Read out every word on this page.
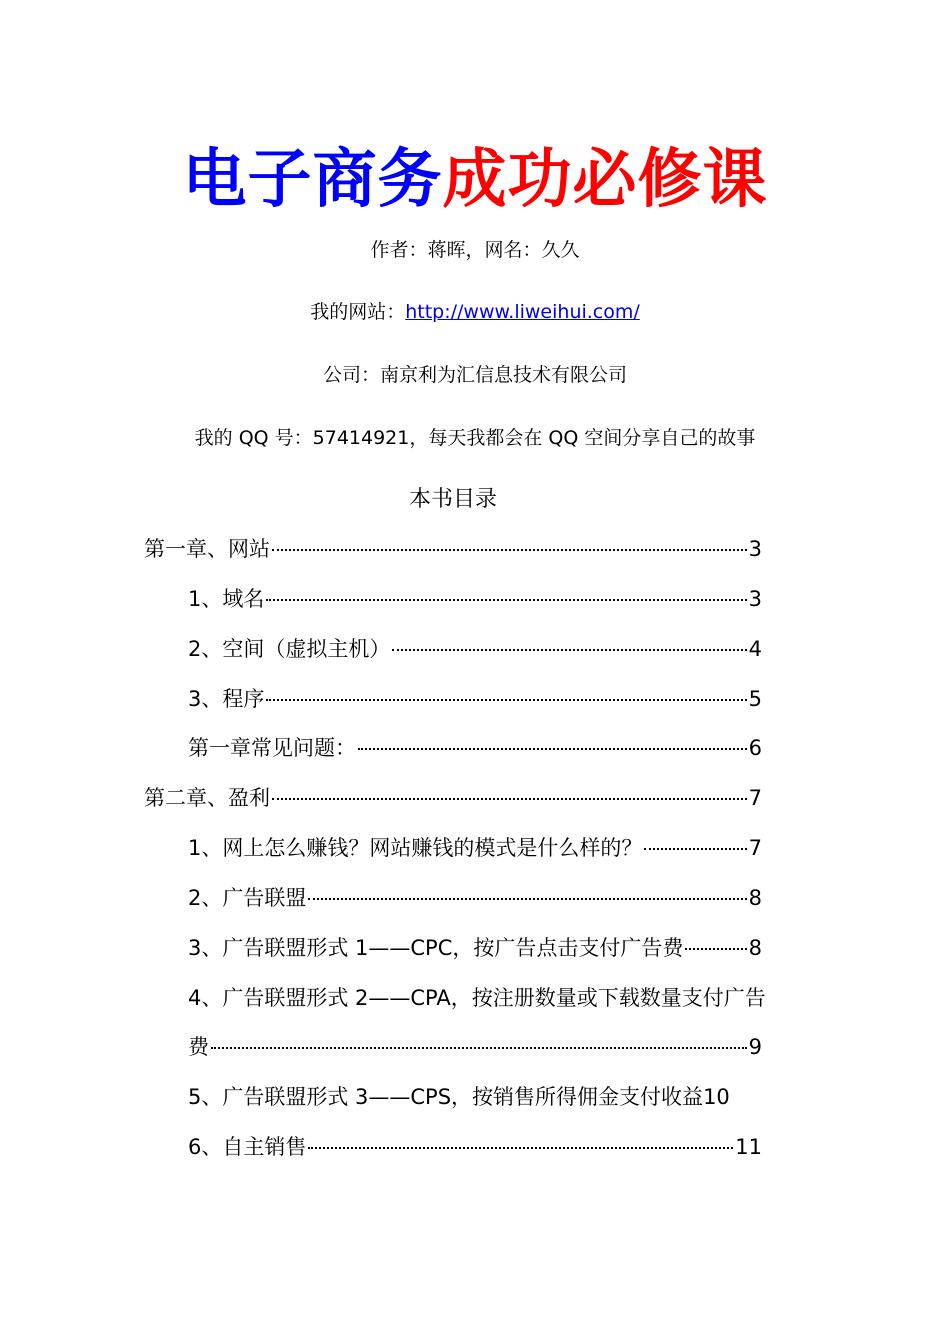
电子商务成功必修课
作者：蒋晖，网名：久久
我的网站：http://www.liweihui.com/
公司：南京利为汇信息技术有限公司
我的 QQ 号：57414921，每天我都会在 QQ 空间分享自己的故事
本书目录
第一章、网站	3
1、域名	3
2、空间（虚拟主机）	4
3、程序	5
第一章常见问题：	6
第二章、盈利	7
1、网上怎么赚钱？网站赚钱的模式是什么样的？	7
2、广告联盟	8
3、广告联盟形式 1——CPC，按广告点击支付广告费	8
4、广告联盟形式 2——CPA，按注册数量或下载数量支付广告
费	9
5、广告联盟形式 3——CPS，按销售所得佣金支付收益 10
6、自主销售	11
